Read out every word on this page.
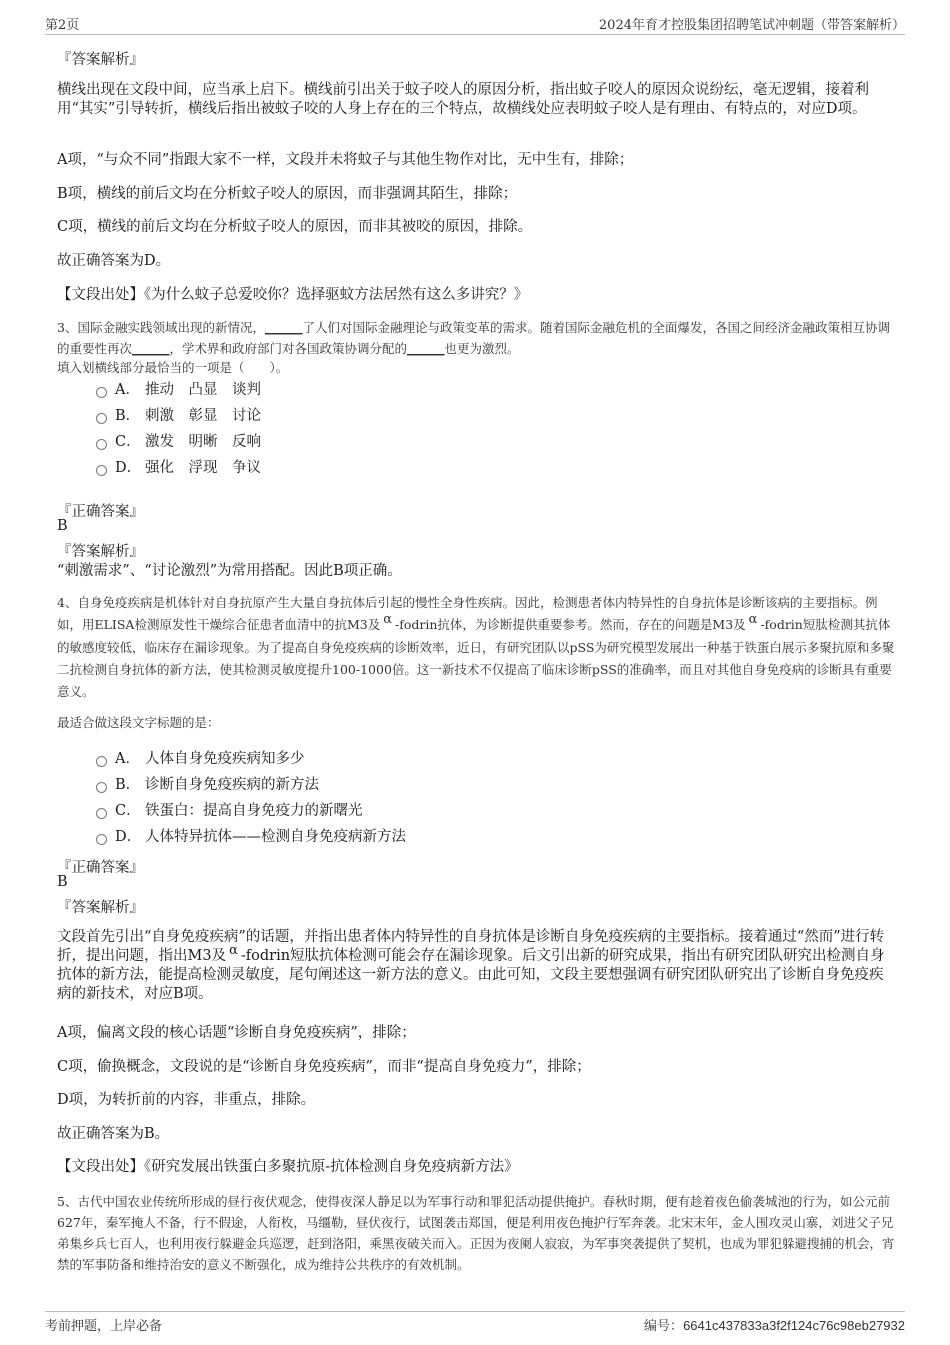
第2页	2024年育才控股集团招聘笔试冲刺题（带答案解析）
『答案解析』
横线出现在文段中间，应当承上启下。横线前引出关于蚊子咬人的原因分析，指出蚊子咬人的原因众说纷纭，毫无逻辑，接着利用“其实”引导转折，横线后指出被蚊子咬的人身上存在的三个特点，故横线处应表明蚊子咬人是有理由、有特点的，对应D项。
A项，“与众不同”指跟大家不一样，文段并未将蚊子与其他生物作对比，无中生有，排除；
B项，横线的前后文均在分析蚊子咬人的原因，而非强调其陌生，排除；
C项，横线的前后文均在分析蚊子咬人的原因，而非其被咬的原因，排除。
故正确答案为D。
【文段出处】《为什么蚊子总爱咬你？选择驱蚊方法居然有这么多讲究？》
3、国际金融实践领域出现的新情况，______了人们对国际金融理论与政策变革的需求。随着国际金融危机的全面爆发，各国之间经济金融政策相互协调的重要性再次______，学术界和政府部门对各国政策协调分配的______也更为激烈。
填入划横线部分最恰当的一项是（　　）。
A． 推动　凸显　谈判
B． 刺激　彰显　讨论
C． 激发　明晰　反响
D． 强化　浮现　争议
『正确答案』
B
『答案解析』
“刺激需求”、“讨论激烈”为常用搭配。因此B项正确。
4、自身免疫疾病是机体针对自身抗原产生大量自身抗体后引起的慢性全身性疾病。因此，检测患者体内特异性的自身抗体是诊断该病的主要指标。例如，用ELISA检测原发性干燥综合征患者血清中的抗M3及 α -fodrin抗体，为诊断提供重要参考。然而，存在的问题是M3及 α -fodrin短肽检测其抗体的敏感度较低，临床存在漏诊现象。为了提高自身免疫疾病的诊断效率，近日，有研究团队以pSS为研究模型发展出一种基于铁蛋白展示多聚抗原和多聚二抗检测自身抗体的新方法，使其检测灵敏度提升100-1000倍。这一新技术不仅提高了临床诊断pSS的准确率，而且对其他自身免疫病的诊断具有重要意义。
最适合做这段文字标题的是：
A． 人体自身免疫疾病知多少
B． 诊断自身免疫疾病的新方法
C． 铁蛋白：提高自身免疫力的新曙光
D． 人体特异抗体——检测自身免疫病新方法
『正确答案』
B
『答案解析』
文段首先引出“自身免疫疾病”的话题，并指出患者体内特异性的自身抗体是诊断自身免疫疾病的主要指标。接着通过“然而”进行转折，提出问题，指出M3及 α -fodrin短肽抗体检测可能会存在漏诊现象。后文引出新的研究成果，指出有研究团队研究出检测自身抗体的新方法，能提高检测灵敏度，尾句阐述这一新方法的意义。由此可知，文段主要想强调有研究团队研究出了诊断自身免疫疾病的新技术，对应B项。
A项，偏离文段的核心话题“诊断自身免疫疾病”，排除；
C项，偷换概念，文段说的是“诊断自身免疫疾病”，而非“提高自身免疫力”，排除；
D项，为转折前的内容，非重点，排除。
故正确答案为B。
【文段出处】《研究发展出铁蛋白多聚抗原-抗体检测自身免疫病新方法》
5、古代中国农业传统所形成的昼行夜伏观念，使得夜深人静足以为军事行动和罪犯活动提供掩护。春秋时期，便有趁着夜色偷袭城池的行为，如公元前627年，秦军掩人不备，行不假途，人衔枚，马缰勒，昼伏夜行，试图袭击郑国，便是利用夜色掩护行军奔袭。北宋末年，金人围攻灵山寨，刘进父子兄弟集乡兵七百人，也利用夜行躲避金兵巡逻，赶到洛阳，乘黑夜破关而入。正因为夜阑人寂寂，为军事突袭提供了契机，也成为罪犯躲避搜捕的机会，宵禁的军事防备和维持治安的意义不断强化，成为维持公共秩序的有效机制。
考前押题，上岸必备	编号：6641c437833a3f2f124c76c98eb27932
